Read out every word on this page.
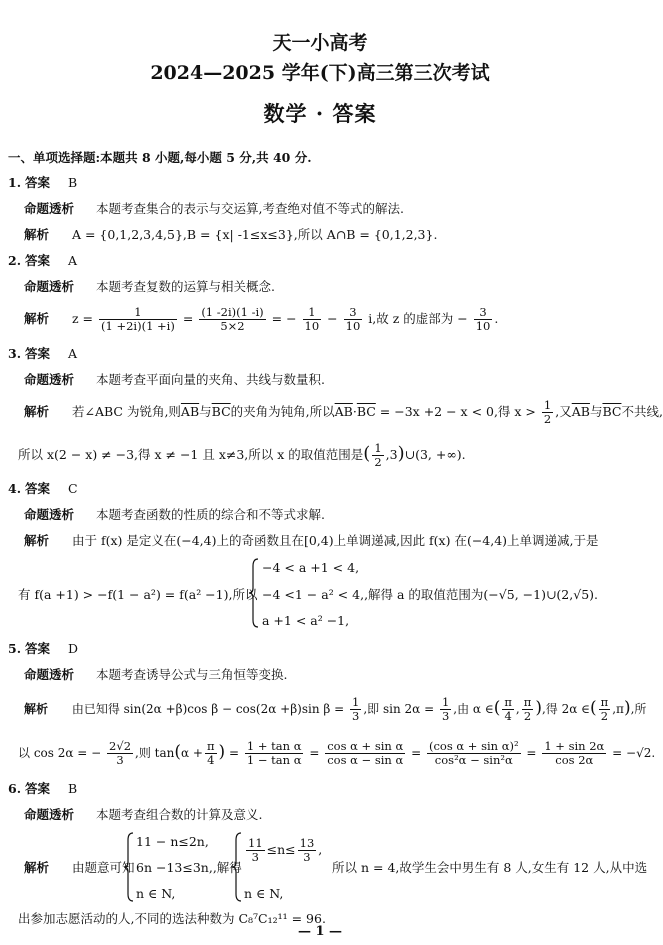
天一小高考
2024—2025 学年(下)高三第三次考试
数学 · 答案
一、单项选择题:本题共 8 小题,每小题 5 分,共 40 分.
1. 答案 B
命题透析 本题考查集合的表示与交运算,考查绝对值不等式的解法.
解析 A = {0,1,2,3,4,5},B = {x| -1≤x≤3},所以 A∩B = {0,1,2,3}.
2. 答案 A
命题透析 本题考查复数的运算与相关概念.
解析 $z = \frac{1}{(1 +2i)(1 +i)} = \frac{(1 -2i)(1 -i)}{5\times 2}$ = − $\frac{1}{10} - \frac{3}{10} i$,故 z 的虚部为 − $\frac{3}{10}$ .
3. 答案 A
命题透析 本题考查平面向量的夹角、共线与数量积.
解析 若∠ABC 为锐角,则$\overline{AB}$与$\overline{BC}$的夹角为钝角,所以$\overline{AB}\cdot\overline{BC} = -3x +2 - x < 0$,得 $x > \frac{1}{2}$ ,又$\overline{AB}$与$\overline{BC}$不共线,
所以 x(2 − x) ≠ −3,得 x ≠ −1 且 x≠3,所以 x 的取值范围是( $\frac{1}{2}$ ,3)∪(3, +∞).
4. 答案 C
命题透析 本题考查函数的性质的综合和不等式求解.
解析 由于 f(x) 是定义在(−4,4)上的奇函数且在[0,4)上单调递减,因此 f(x) 在(−4,4)上单调递减,于是
有 f(a +1) > −f(1 − a²) = f(a² −1),所以
−4 < a +1 < 4,
−4 <1 − a² < 4,,解得 a 的取值范围为(−√5, −1)∪(2,√5).
a +1 < a² −1,
5. 答案 D
命题透析 本题考查诱导公式与三角恒等变换.
解析 由已知得 sin(2α +β)cos β − cos(2α +β)sin $\beta = \frac{1}{3}$ ,即 $\sin 2\alpha = \frac{1}{3}$ ,由 α ∈( $\frac{\pi}{4}$ , $\frac{\pi}{2}$ ),得 2α ∈( $\frac{\pi}{2} ,\pi$),所
以 cos 2α = − $\frac{2√2}{3}$ ,则 $\tan(\alpha + \frac{\pi}{4}$ ) = $\frac{\text{1 + tan α}}{\text{1 − tan α}} = \frac{\text{cos α + sin α}}{\text{cos α − sin α}} = \frac{\text{(cos α + sin α)²}}{\text{cos²α − sin²α}} = \frac{1 + \sin 2\alpha}{\cos 2\alpha} = -√2$.
6. 答案 B
命题透析 本题考查组合数的计算及意义.
解析 由题意可知
11 − n≤2n,
6n −13≤3n,,解得
n ∈ N,
$\frac{11}{3} \le n\le \frac{13}{3}$ ,
n ∈ N,
所以 n = 4,故学生会中男生有 8 人,女生有 12 人,从中选
出参加志愿活动的人,不同的选法种数为 C₈⁷C₁₂¹¹ = 96.
— 1 —
